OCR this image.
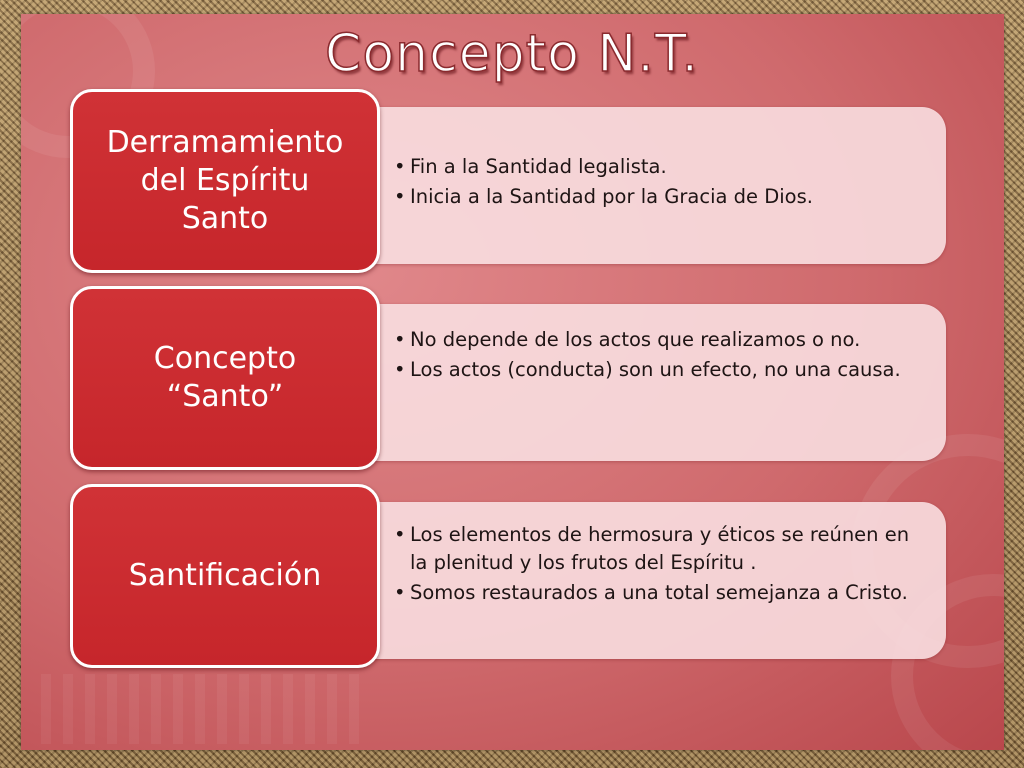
Concepto N.T.
Derramamiento
del Espíritu
Santo
• Fin a la Santidad legalista.
• Inicia a la Santidad por la Gracia de Dios.
Concepto
“Santo”
• No depende de los actos que realizamos o no.
• Los actos (conducta) son un efecto, no una causa.
Santificación
• Los elementos de hermosura y éticos se reúnen en la plenitud y los frutos del Espíritu .
• Somos restaurados a una total semejanza a Cristo.
